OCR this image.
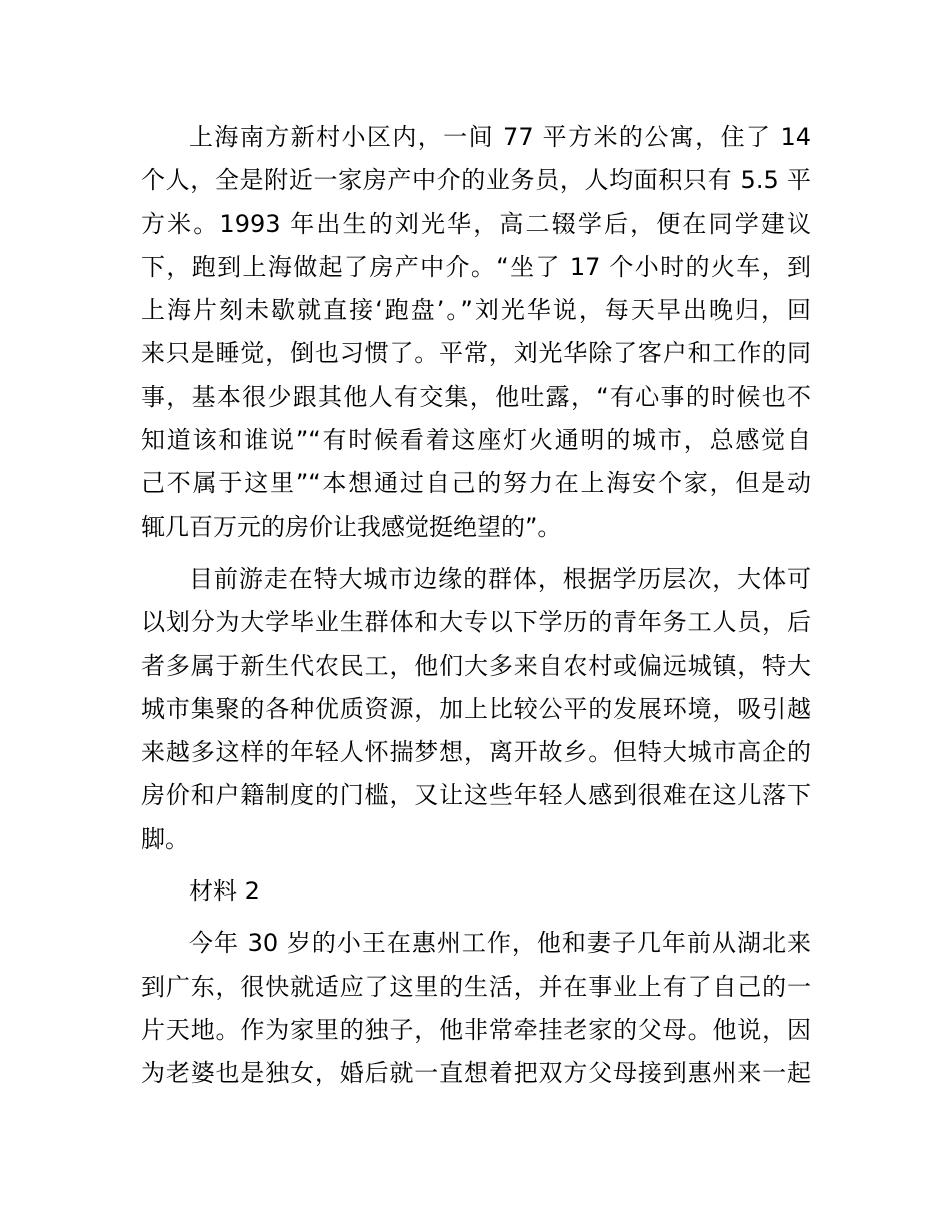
上海南方新村小区内，一间 77 平方米的公寓，住了 14
个人，全是附近一家房产中介的业务员，人均面积只有 5.5 平
方米。1993 年出生的刘光华，高二辍学后，便在同学建议
下，跑到上海做起了房产中介。“坐了 17 个小时的火车，到
上海片刻未歇就直接‘跑盘’。”刘光华说，每天早出晚归，回
来只是睡觉，倒也习惯了。平常，刘光华除了客户和工作的同
事，基本很少跟其他人有交集，他吐露，“有心事的时候也不
知道该和谁说”“有时候看着这座灯火通明的城市，总感觉自
己不属于这里”“本想通过自己的努力在上海安个家，但是动
辄几百万元的房价让我感觉挺绝望的”。
目前游走在特大城市边缘的群体，根据学历层次，大体可
以划分为大学毕业生群体和大专以下学历的青年务工人员，后
者多属于新生代农民工，他们大多来自农村或偏远城镇，特大
城市集聚的各种优质资源，加上比较公平的发展环境，吸引越
来越多这样的年轻人怀揣梦想，离开故乡。但特大城市高企的
房价和户籍制度的门槛，又让这些年轻人感到很难在这儿落下
脚。
材料 2
今年 30 岁的小王在惠州工作，他和妻子几年前从湖北来
到广东，很快就适应了这里的生活，并在事业上有了自己的一
片天地。作为家里的独子，他非常牵挂老家的父母。他说，因
为老婆也是独女，婚后就一直想着把双方父母接到惠州来一起
